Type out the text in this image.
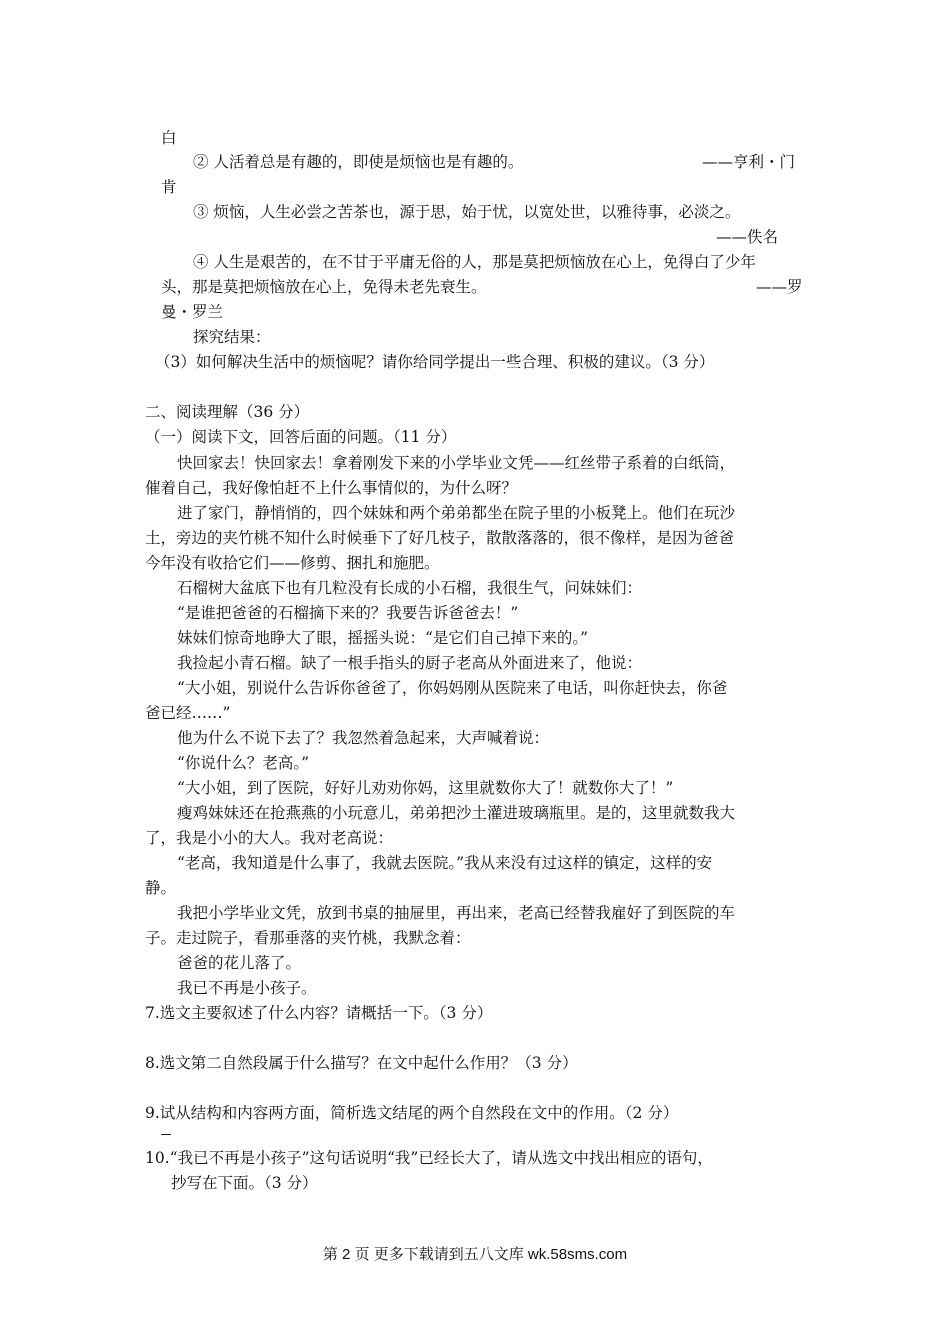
白
② 人活着总是有趣的，即使是烦恼也是有趣的。	——亨利・门
肯
③ 烦恼，人生必尝之苦茶也，源于思，始于忧，以宽处世，以雅待事，必淡之。
——佚名
④ 人生是艰苦的，在不甘于平庸无俗的人，那是莫把烦恼放在心上，免得白了少年
头，那是莫把烦恼放在心上，免得未老先衰生。	——罗
曼・罗兰
探究结果：
（3）如何解决生活中的烦恼呢？请你给同学提出一些合理、积极的建议。（3 分）
二、阅读理解（36 分）
（一）阅读下文，回答后面的问题。（11 分）
快回家去！快回家去！拿着刚发下来的小学毕业文凭——红丝带子系着的白纸筒，
催着自己，我好像怕赶不上什么事情似的，为什么呀？
进了家门，静悄悄的，四个妹妹和两个弟弟都坐在院子里的小板凳上。他们在玩沙
土，旁边的夹竹桃不知什么时候垂下了好几枝子，散散落落的，很不像样，是因为爸爸
今年没有收拾它们——修剪、捆扎和施肥。
石榴树大盆底下也有几粒没有长成的小石榴，我很生气，问妹妹们：
“是谁把爸爸的石榴摘下来的？我要告诉爸爸去！”
妹妹们惊奇地睁大了眼，摇摇头说：“是它们自己掉下来的。”
我捡起小青石榴。缺了一根手指头的厨子老高从外面进来了，他说：
“大小姐，别说什么告诉你爸爸了，你妈妈刚从医院来了电话，叫你赶快去，你爸
爸已经……”
他为什么不说下去了？我忽然着急起来，大声喊着说：
“你说什么？老高。”
“大小姐，到了医院，好好儿劝劝你妈，这里就数你大了！就数你大了！”
瘦鸡妹妹还在抢燕燕的小玩意儿，弟弟把沙土灌进玻璃瓶里。是的，这里就数我大
了，我是小小的大人。我对老高说：
“老高，我知道是什么事了，我就去医院。”我从来没有过这样的镇定，这样的安
静。
我把小学毕业文凭，放到书桌的抽屉里，再出来，老高已经替我雇好了到医院的车
子。走过院子，看那垂落的夹竹桃，我默念着：
爸爸的花儿落了。
我已不再是小孩子。
7.选文主要叙述了什么内容？请概括一下。（3 分）
8.选文第二自然段属于什么描写？在文中起什么作用？（3 分）
9.试从结构和内容两方面，简析选文结尾的两个自然段在文中的作用。（2 分）
10.“我已不再是小孩子”这句话说明“我”已经长大了，请从选文中找出相应的语句，
抄写在下面。（3 分）
第 2 页 更多下载请到五八文库 wk.58sms.com
